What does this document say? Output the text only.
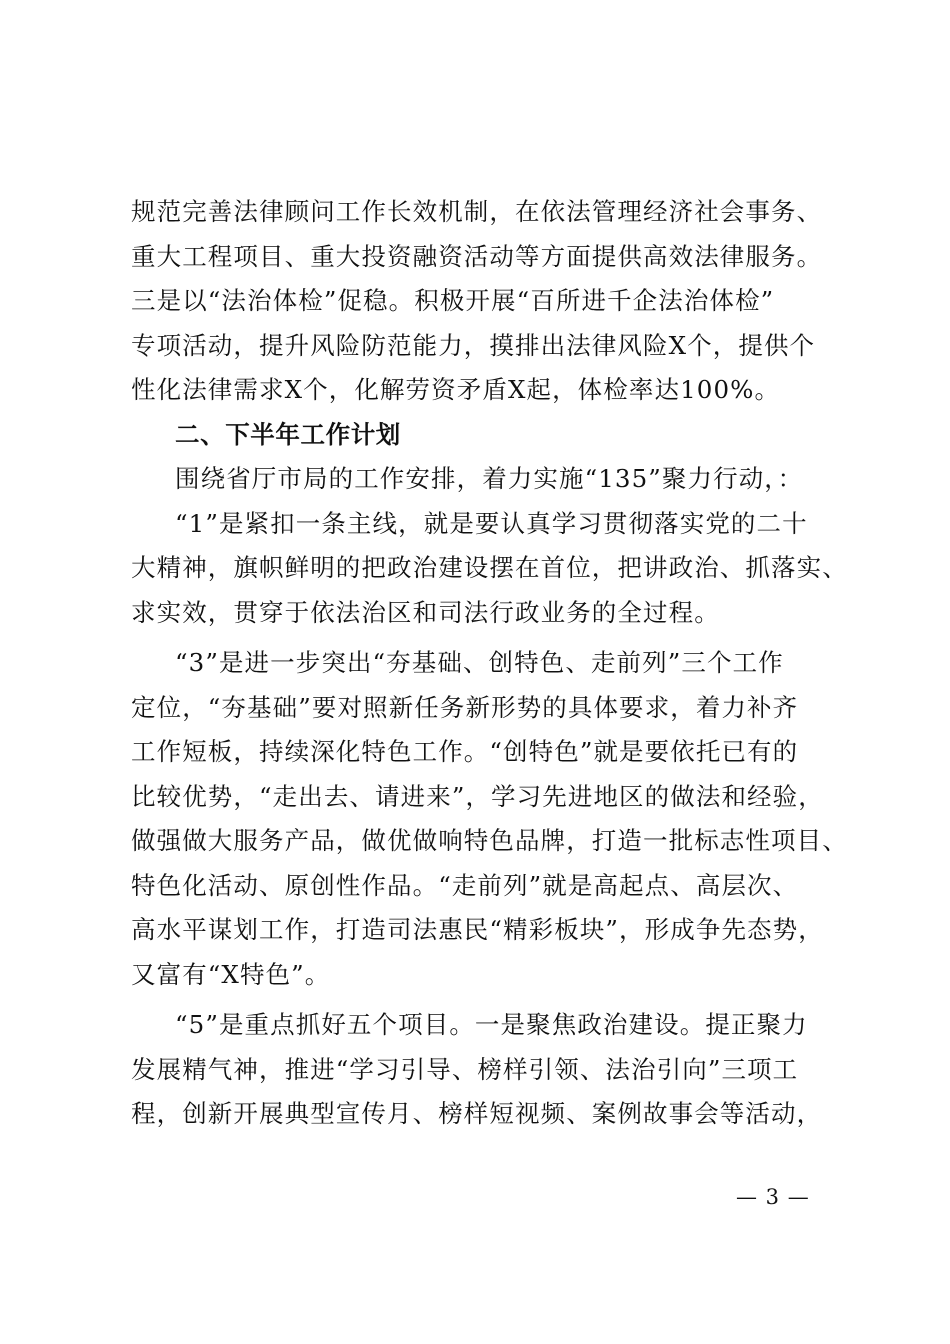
规范完善法律顾问工作长效机制，在依法管理经济社会事务、
重大工程项目、重大投资融资活动等方面提供高效法律服务。
三是以“法治体检”促稳。积极开展“百所进千企法治体检”
专项活动，提升风险防范能力，摸排出法律风险X个，提供个
性化法律需求X个，化解劳资矛盾X起，体检率达100%。
二、下半年工作计划
围绕省厅市局的工作安排，着力实施“135”聚力行动，：
“1”是紧扣一条主线，就是要认真学习贯彻落实党的二十
大精神，旗帜鲜明的把政治建设摆在首位，把讲政治、抓落实、
求实效，贯穿于依法治区和司法行政业务的全过程。
“3”是进一步突出“夯基础、创特色、走前列”三个工作
定位，“夯基础”要对照新任务新形势的具体要求，着力补齐
工作短板，持续深化特色工作。“创特色”就是要依托已有的
比较优势，“走出去、请进来”，学习先进地区的做法和经验，
做强做大服务产品，做优做响特色品牌，打造一批标志性项目、
特色化活动、原创性作品。“走前列”就是高起点、高层次、
高水平谋划工作，打造司法惠民“精彩板块”，形成争先态势，
又富有“X特色”。
“5”是重点抓好五个项目。一是聚焦政治建设。提正聚力
发展精气神，推进“学习引导、榜样引领、法治引向”三项工
程，创新开展典型宣传月、榜样短视频、案例故事会等活动，
— 3 —
